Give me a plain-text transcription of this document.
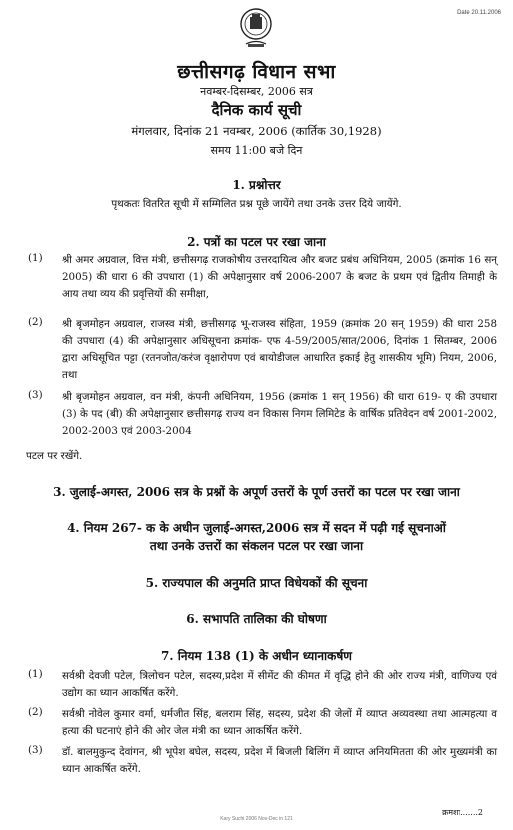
Date 20.11.2006
छत्तीसगढ़ विधान सभा
नवम्बर-दिसम्बर, 2006 सत्र
दैनिक कार्य सूची
मंगलवार, दिनांक 21 नवम्बर, 2006 (कार्तिक 30,1928)
समय 11:00 बजे दिन
1. प्रश्नोत्तर
पृथकतः वितरित सूची में सम्मिलित प्रश्न पूछे जायेंगे तथा उनके उत्तर दिये जायेंगे.
2. पत्रों का पटल पर रखा जाना
(1) श्री अमर अग्रवाल, वित्त मंत्री, छत्तीसगढ़ राजकोषीय उत्तरदायित्व और बजट प्रबंध अधिनियम, 2005 (क्रमांक 16 सन् 2005) की धारा 6 की उपधारा (1) की अपेक्षानुसार वर्ष 2006-2007 के बजट के प्रथम एवं द्वितीय तिमाही के आय तथा व्यय की प्रवृत्तियों की समीक्षा,
(2) श्री बृजमोहन अग्रवाल, राजस्व मंत्री, छत्तीसगढ़ भू-राजस्व संहिता, 1959 (क्रमांक 20 सन् 1959) की धारा 258 की उपधारा (4) की अपेक्षानुसार अधिसूचना क्रमांक- एफ 4-59/2005/सात/2006, दिनांक 1 सितम्बर, 2006 द्वारा अधिसूचित पट्टा (रतनजोत/करंज वृक्षारोपण एवं बायोडीजल आधारित इकाई हेतु शासकीय भूमि) नियम, 2006, तथा
(3) श्री बृजमोहन अग्रवाल, वन मंत्री, कंपनी अधिनियम, 1956 (क्रमांक 1 सन् 1956) की धारा 619- ए की उपधारा (3) के पद (बी) की अपेक्षानुसार छत्तीसगढ़ राज्य वन विकास निगम लिमिटेड के वार्षिक प्रतिवेदन वर्ष 2001-2002, 2002-2003 एवं 2003-2004
पटल पर रखेंगे.
3. जुलाई-अगस्त, 2006 सत्र के प्रश्नों के अपूर्ण उत्तरों के पूर्ण उत्तरों का पटल पर रखा जाना
4. नियम 267- क के अधीन जुलाई-अगस्त,2006 सत्र में सदन में पढ़ी गई सूचनाओं
तथा उनके उत्तरों का संकलन पटल पर रखा जाना
5. राज्यपाल की अनुमति प्राप्त विधेयकों की सूचना
6. सभापति तालिका की घोषणा
7. नियम 138 (1) के अधीन ध्यानाकर्षण
(1) सर्वश्री देवजी पटेल, त्रिलोचन पटेल, सदस्य,प्रदेश में सीमेंट की कीमत में वृद्धि होने की ओर राज्य मंत्री, वाणिज्य एवं उद्योग का ध्यान आकर्षित करेंगे.
(2) सर्वश्री नोवेल कुमार वर्मा, धर्मजीत सिंह, बलराम सिंह, सदस्य, प्रदेश की जेलों में व्याप्त अव्यवस्था तथा आत्महत्या व हत्या की घटनाएं होने की ओर जेल मंत्री का ध्यान आकर्षित करेंगे.
(3) डॉ. बालमुकुन्द देवांगन, श्री भूपेश बघेल, सदस्य, प्रदेश में बिजली बिलिंग में व्याप्त अनियमितता की ओर मुख्यमंत्री का ध्यान आकर्षित करेंगे.
क्रमशः.......2
Kary Suchi 2006 Nov-Dec in 121
